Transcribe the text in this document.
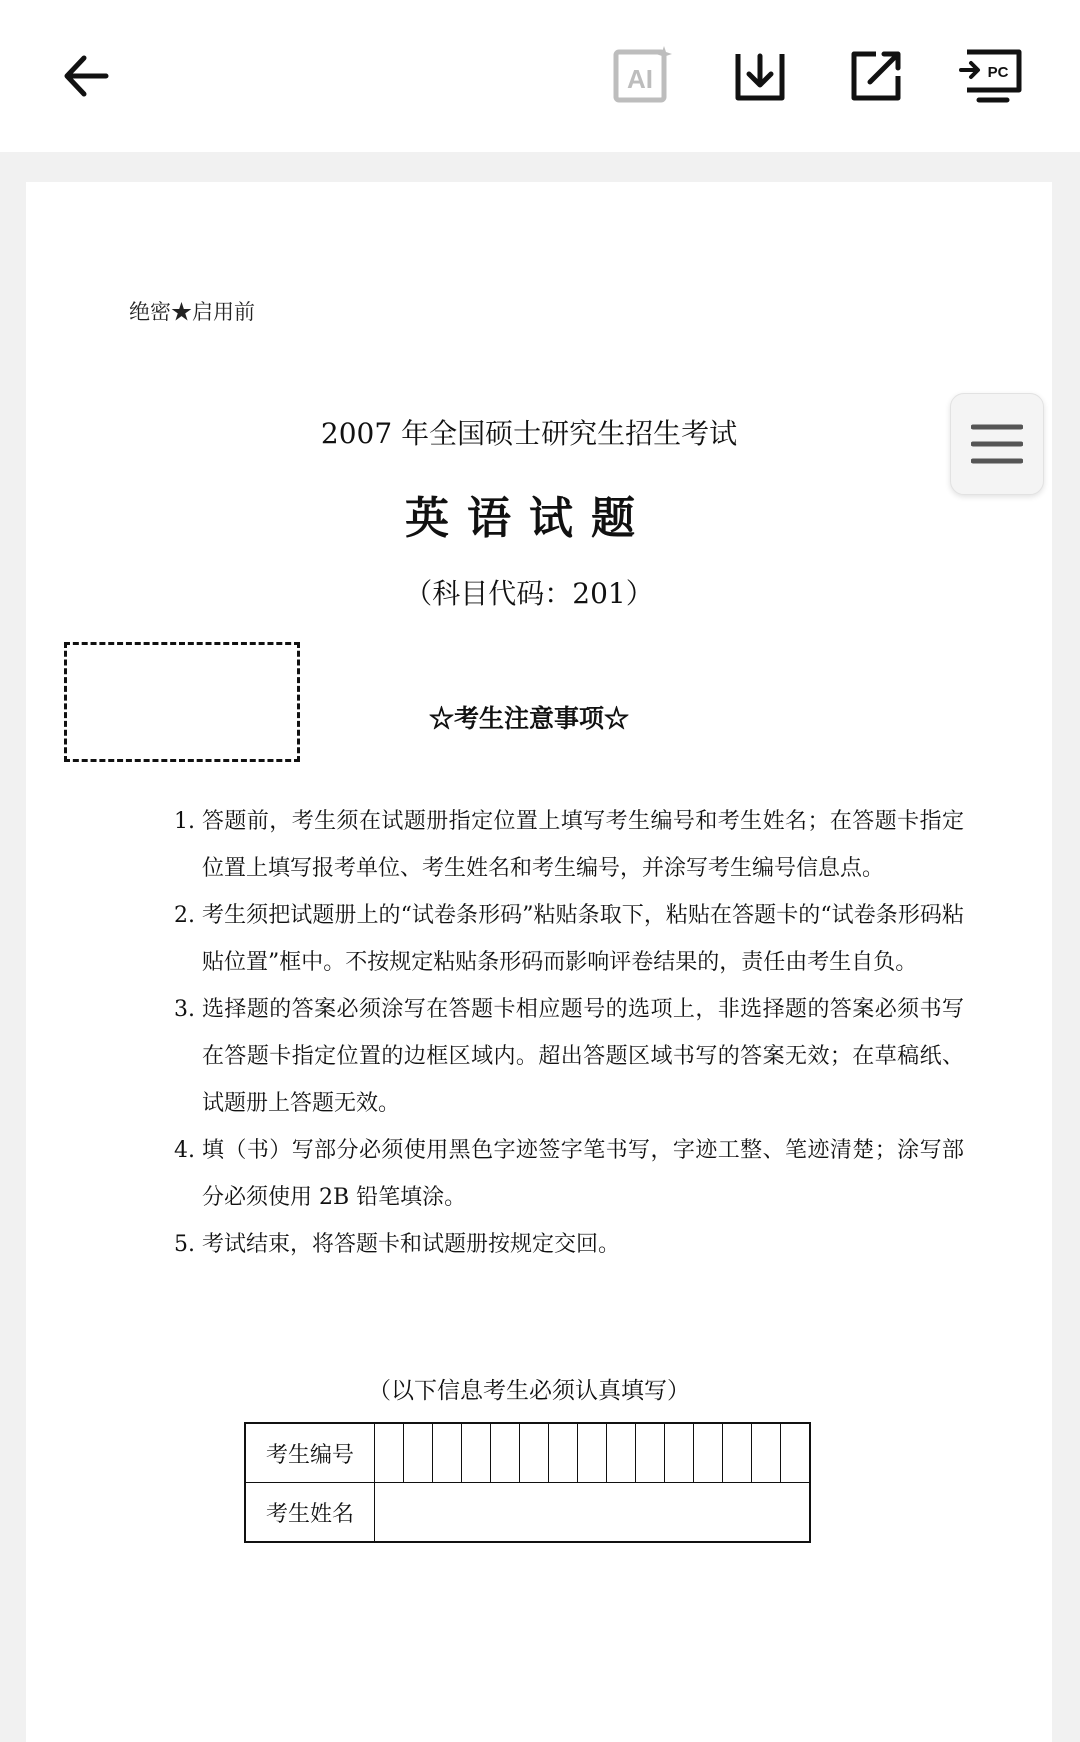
AI	PC
绝密★启用前
2007 年全国硕士研究生招生考试
英语试题
（科目代码：201）
☆考生注意事项☆
1. 答题前，考生须在试题册指定位置上填写考生编号和考生姓名；在答题卡指定位置上填写报考单位、考生姓名和考生编号，并涂写考生编号信息点。
2. 考生须把试题册上的“试卷条形码”粘贴条取下，粘贴在答题卡的“试卷条形码粘贴位置”框中。不按规定粘贴条形码而影响评卷结果的，责任由考生自负。
3. 选择题的答案必须涂写在答题卡相应题号的选项上，非选择题的答案必须书写在答题卡指定位置的边框区域内。超出答题区域书写的答案无效；在草稿纸、试题册上答题无效。
4. 填（书）写部分必须使用黑色字迹签字笔书写，字迹工整、笔迹清楚；涂写部分必须使用 2B 铅笔填涂。
5. 考试结束，将答题卡和试题册按规定交回。
（以下信息考生必须认真填写）
考生编号															
考生姓名															
